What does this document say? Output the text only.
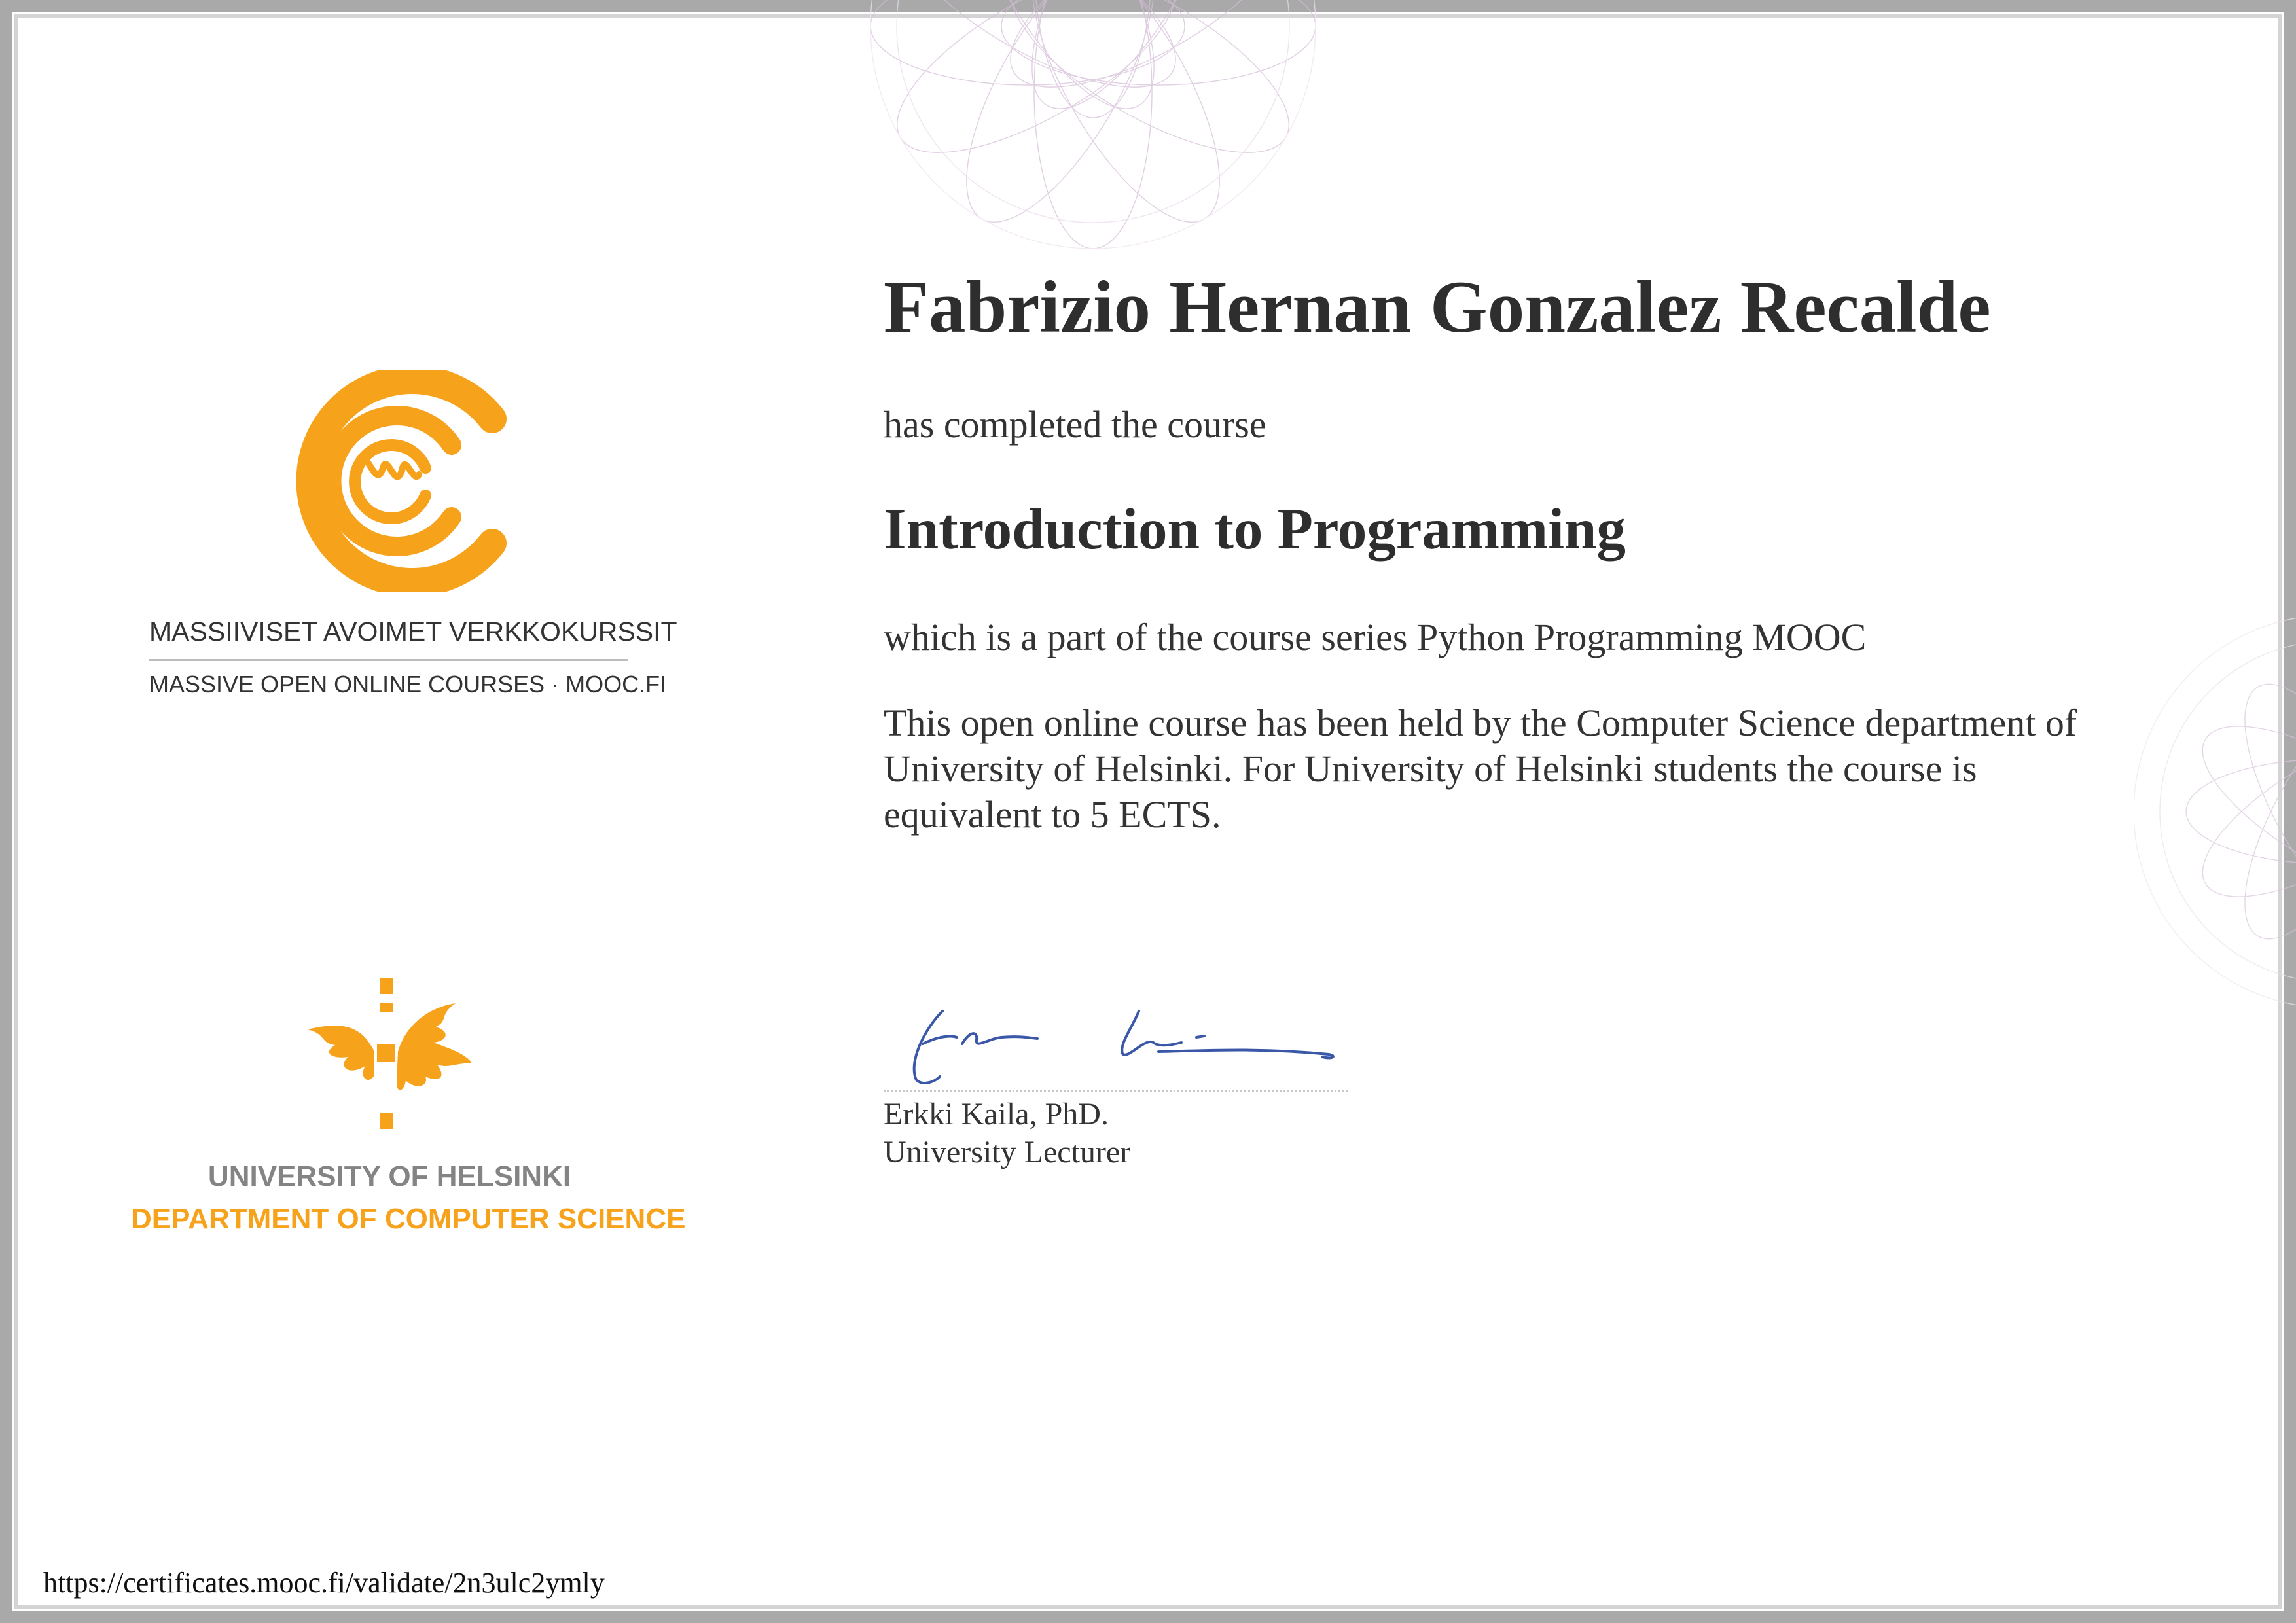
MASSIIVISET AVOIMET VERKKOKURSSIT

MASSIVE OPEN ONLINE COURSES · MOOC.FI

UNIVERSITY OF HELSINKI

DEPARTMENT OF COMPUTER SCIENCE

Fabrizio Hernan Gonzalez Recalde

has completed the course

Introduction to Programming

which is a part of the course series Python Programming MOOC

This open online course has been held by the Computer Science department of University of Helsinki. For University of Helsinki students the course is equivalent to 5 ECTS.

Erkki Kaila, PhD.

University Lecturer

https://certificates.mooc.fi/validate/2n3ulc2ymly
